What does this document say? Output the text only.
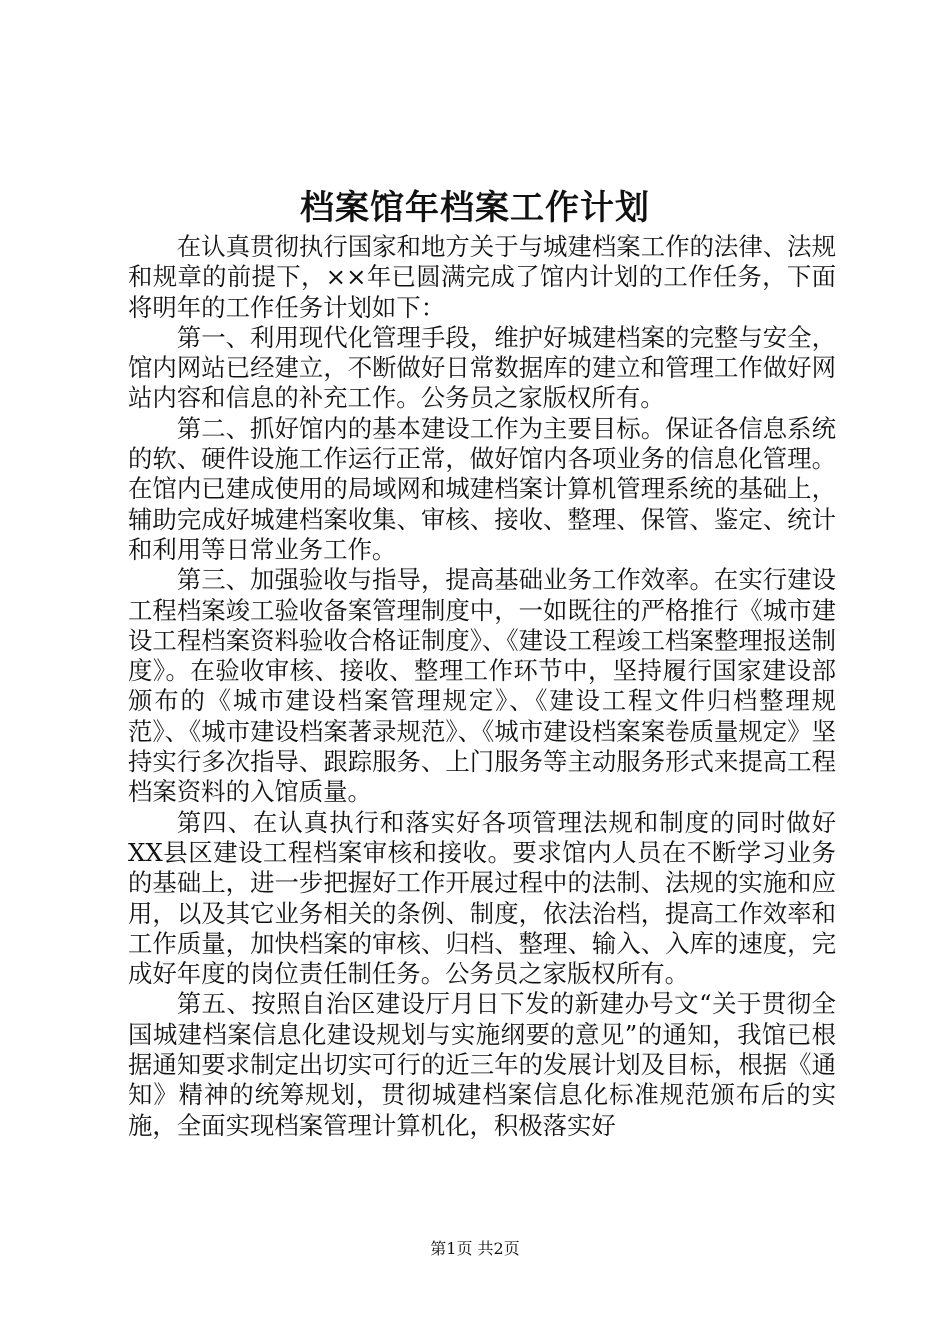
档案馆年档案工作计划

在认真贯彻执行国家和地方关于与城建档案工作的法律、法规和规章的前提下，××年已圆满完成了馆内计划的工作任务，下面将明年的工作任务计划如下：

第一、利用现代化管理手段，维护好城建档案的完整与安全，馆内网站已经建立，不断做好日常数据库的建立和管理工作做好网站内容和信息的补充工作。公务员之家版权所有。

第二、抓好馆内的基本建设工作为主要目标。保证各信息系统的软、硬件设施工作运行正常，做好馆内各项业务的信息化管理。在馆内已建成使用的局域网和城建档案计算机管理系统的基础上，辅助完成好城建档案收集、审核、接收、整理、保管、鉴定、统计和利用等日常业务工作。

第三、加强验收与指导，提高基础业务工作效率。在实行建设工程档案竣工验收备案管理制度中，一如既往的严格推行《城市建设工程档案资料验收合格证制度》、《建设工程竣工档案整理报送制度》。在验收审核、接收、整理工作环节中，坚持履行国家建设部颁布的《城市建设档案管理规定》、《建设工程文件归档整理规范》、《城市建设档案著录规范》、《城市建设档案案卷质量规定》坚持实行多次指导、跟踪服务、上门服务等主动服务形式来提高工程档案资料的入馆质量。

第四、在认真执行和落实好各项管理法规和制度的同时做好XX县区建设工程档案审核和接收。要求馆内人员在不断学习业务的基础上，进一步把握好工作开展过程中的法制、法规的实施和应用，以及其它业务相关的条例、制度，依法治档，提高工作效率和工作质量，加快档案的审核、归档、整理、输入、入库的速度，完成好年度的岗位责任制任务。公务员之家版权所有。

第五、按照自治区建设厅月日下发的新建办号文“关于贯彻全国城建档案信息化建设规划与实施纲要的意见”的通知，我馆已根据通知要求制定出切实可行的近三年的发展计划及目标，根据《通知》精神的统筹规划，贯彻城建档案信息化标准规范颁布后的实施，全面实现档案管理计算机化，积极落实好

第1页 共2页
